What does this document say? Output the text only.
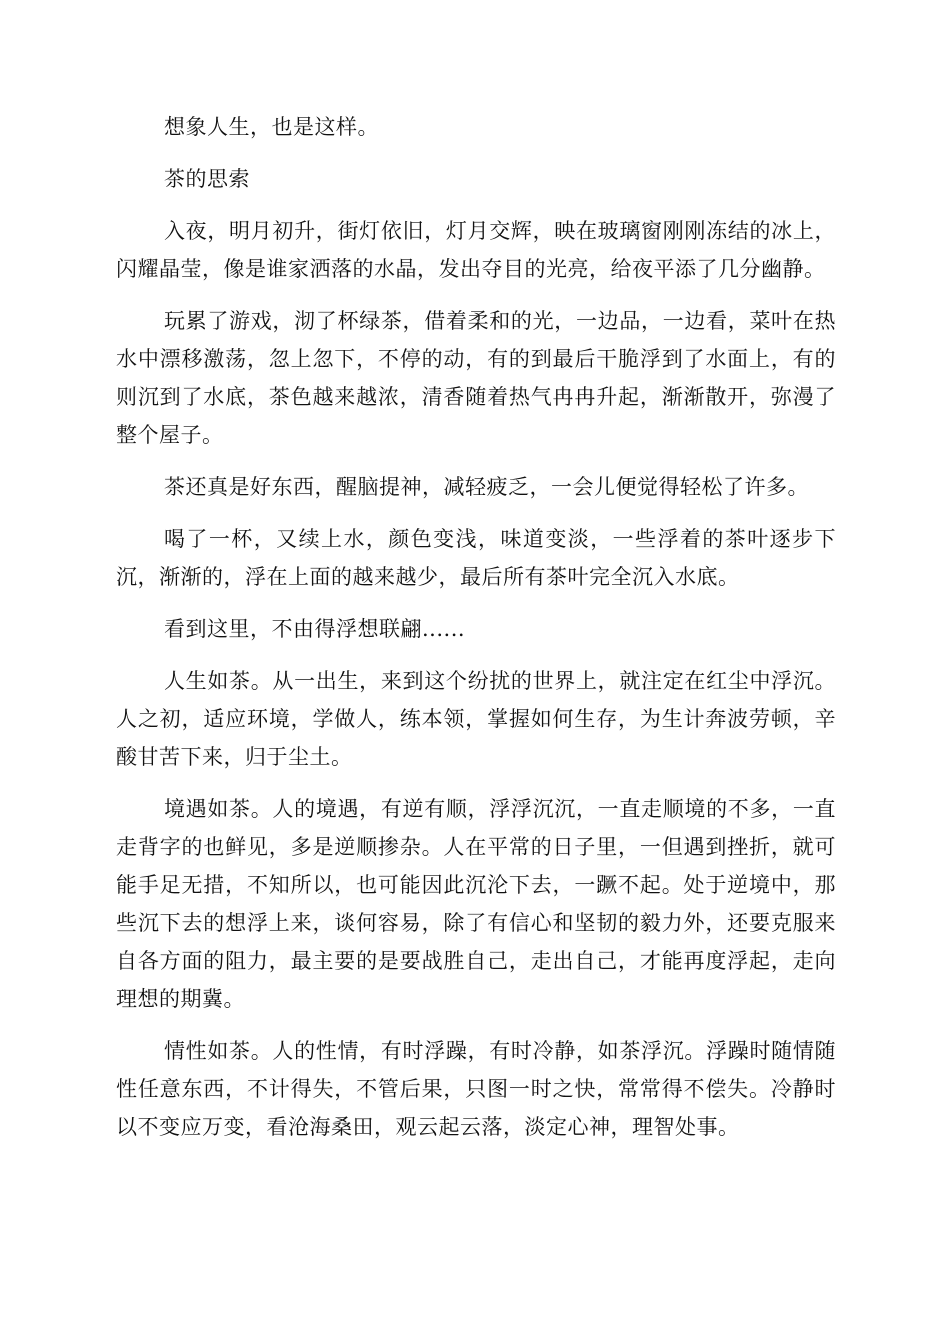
想象人生，也是这样。

茶的思索

入夜，明月初升，街灯依旧，灯月交辉，映在玻璃窗刚刚冻结的冰上，闪耀晶莹，像是谁家洒落的水晶，发出夺目的光亮，给夜平添了几分幽静。

玩累了游戏，沏了杯绿茶，借着柔和的光，一边品，一边看，菜叶在热水中漂移激荡，忽上忽下，不停的动，有的到最后干脆浮到了水面上，有的则沉到了水底，茶色越来越浓，清香随着热气冉冉升起，渐渐散开，弥漫了整个屋子。

茶还真是好东西，醒脑提神，减轻疲乏，一会儿便觉得轻松了许多。

喝了一杯，又续上水，颜色变浅，味道变淡，一些浮着的茶叶逐步下沉，渐渐的，浮在上面的越来越少，最后所有茶叶完全沉入水底。

看到这里，不由得浮想联翩......

人生如茶。从一出生，来到这个纷扰的世界上，就注定在红尘中浮沉。人之初，适应环境，学做人，练本领，掌握如何生存，为生计奔波劳顿，辛酸甘苦下来，归于尘土。

境遇如茶。人的境遇，有逆有顺，浮浮沉沉，一直走顺境的不多，一直走背字的也鲜见，多是逆顺掺杂。人在平常的日子里，一但遇到挫折，就可能手足无措，不知所以，也可能因此沉沦下去，一蹶不起。处于逆境中，那些沉下去的想浮上来，谈何容易，除了有信心和坚韧的毅力外，还要克服来自各方面的阻力，最主要的是要战胜自己，走出自己，才能再度浮起，走向理想的期冀。

情性如茶。人的性情，有时浮躁，有时冷静，如茶浮沉。浮躁时随情随性任意东西，不计得失，不管后果，只图一时之快，常常得不偿失。冷静时以不变应万变，看沧海桑田，观云起云落，淡定心神，理智处事。
